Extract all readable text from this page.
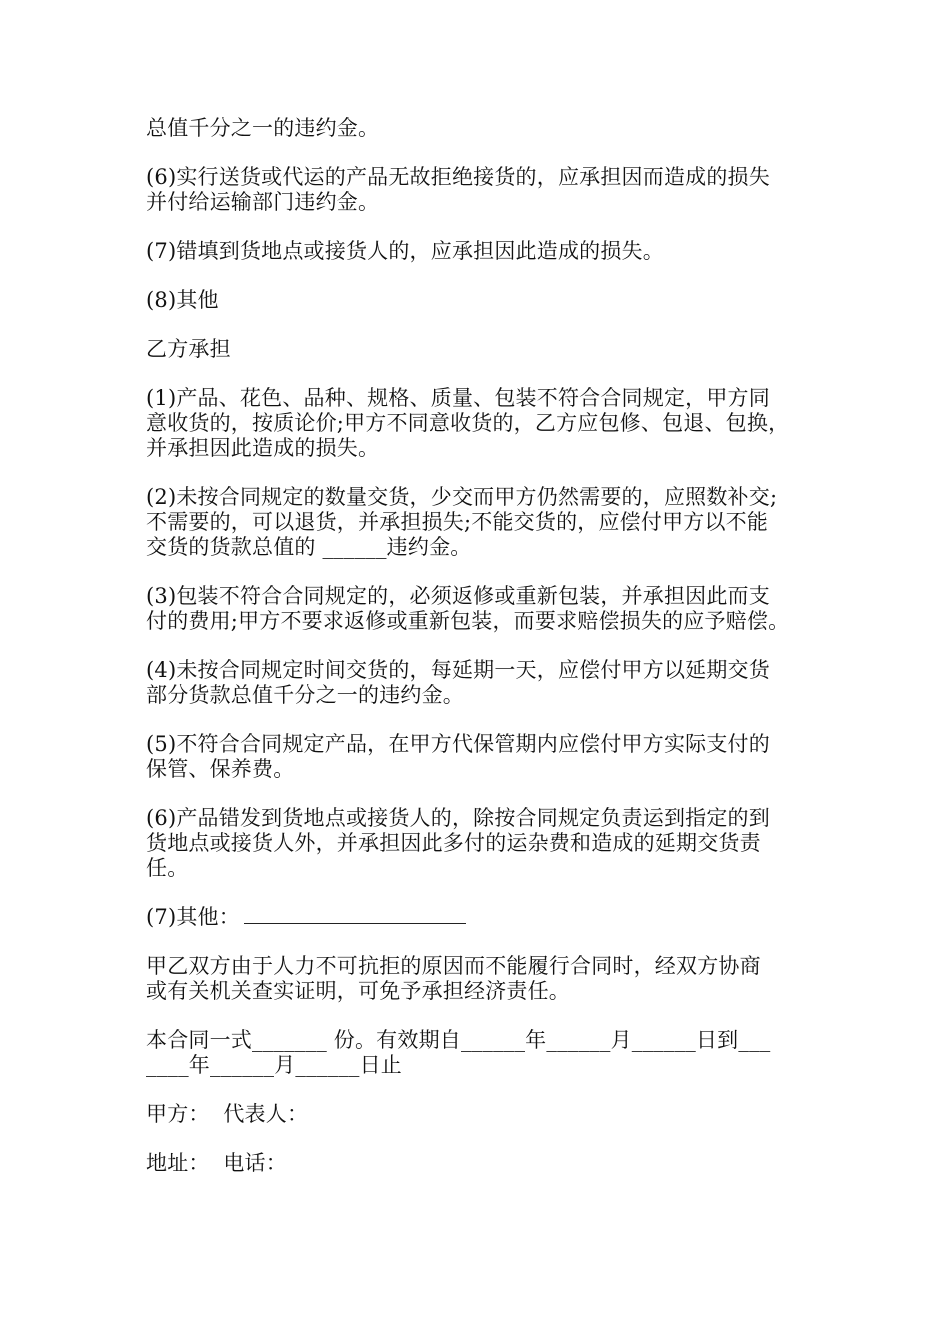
总值千分之一的违约金。

(6)实行送货或代运的产品无故拒绝接货的，应承担因而造成的损失
并付给运输部门违约金。

(7)错填到货地点或接货人的，应承担因此造成的损失。

(8)其他

乙方承担

(1)产品、花色、品种、规格、质量、包装不符合合同规定，甲方同
意收货的，按质论价;甲方不同意收货的，乙方应包修、包退、包换，
并承担因此造成的损失。

(2)未按合同规定的数量交货，少交而甲方仍然需要的，应照数补交;
不需要的，可以退货，并承担损失;不能交货的，应偿付甲方以不能
交货的货款总值的 ______违约金。

(3)包装不符合合同规定的，必须返修或重新包装，并承担因此而支
付的费用;甲方不要求返修或重新包装，而要求赔偿损失的应予赔偿。

(4)未按合同规定时间交货的，每延期一天，应偿付甲方以延期交货
部分货款总值千分之一的违约金。

(5)不符合合同规定产品，在甲方代保管期内应偿付甲方实际支付的
保管、保养费。

(6)产品错发到货地点或接货人的，除按合同规定负责运到指定的到
货地点或接货人外，并承担因此多付的运杂费和造成的延期交货责
任。

(7)其他：

甲乙双方由于人力不可抗拒的原因而不能履行合同时，经双方协商
或有关机关查实证明，可免予承担经济责任。

本合同一式_______ 份。有效期自______年______月______日到___
____年______月______日止

甲方：  代表人：

地址：  电话：
